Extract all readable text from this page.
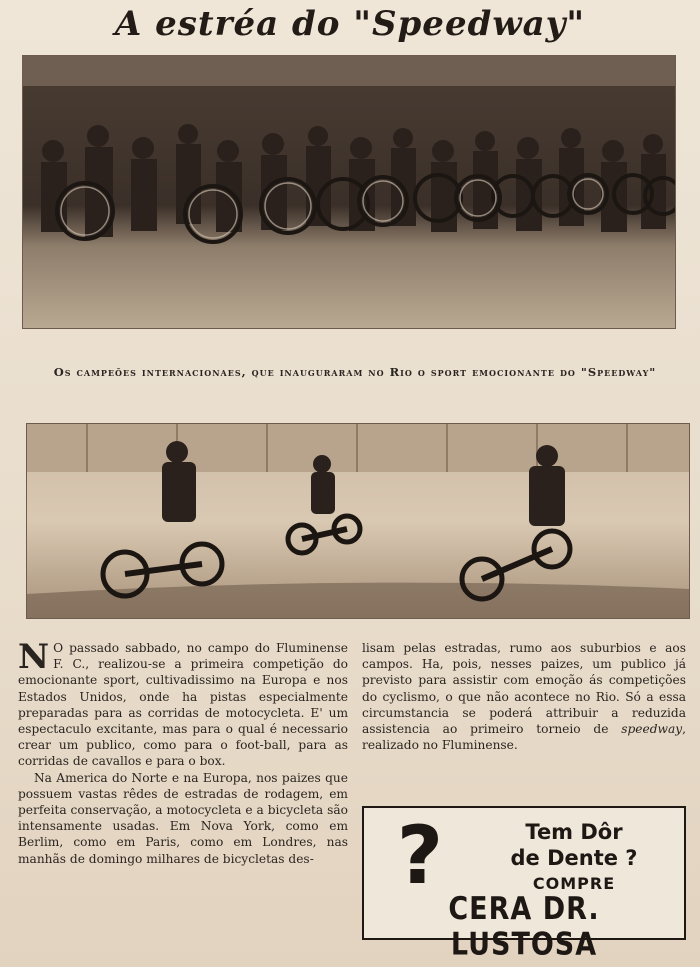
A estréa do "Speedway"
Os campeões internacionaes, que inauguraram no Rio o sport emocionante do "Speedway"

N O passado sabbado, no campo do Fluminense F. C., realizou-se a primeira competição do emocionante sport, cultivadissimo na Europa e nos Estados Unidos, onde ha pistas especialmente preparadas para as corridas de motocycleta. E' um espectaculo excitante, mas para o qual é necessario crear um publico, como para o foot-ball, para as corridas de cavallos e para o box.

Na America do Norte e na Europa, nos paizes que possuem vastas rêdes de estradas de rodagem, em perfeita conservação, a motocycleta e a bicycleta são intensamente usadas. Em Nova York, como em Berlim, como em Paris, como em Londres, nas manhãs de domingo milhares de bicycletas des-

lisam pelas estradas, rumo aos suburbios e aos campos. Ha, pois, nesses paizes, um publico já previsto para assistir com emoção ás competições do cyclismo, o que não acontece no Rio. Só a essa circumstancia se poderá attribuir a reduzida assistencia ao primeiro torneio de speedway, realizado no Fluminense.

?	Tem Dôr
de Dente ?
COMPRE
CERA DR. LUSTOSA
